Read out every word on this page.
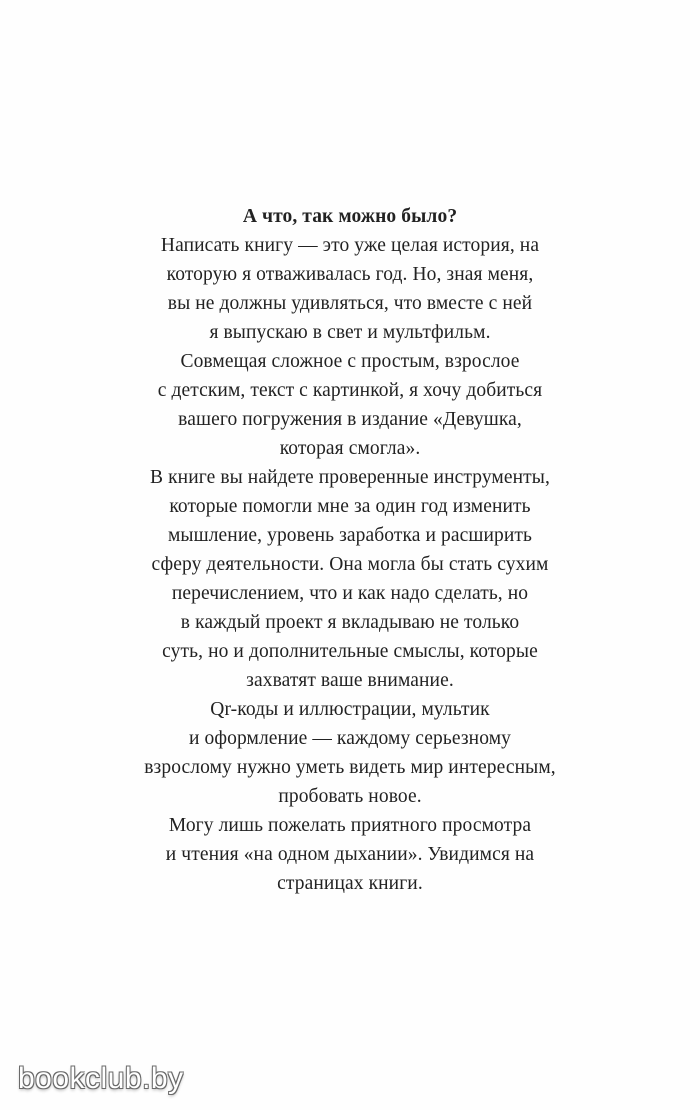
А что, так можно было?
Написать книгу — это уже целая история, на
которую я отваживалась год. Но, зная меня,
вы не должны удивляться, что вместе с ней
я выпускаю в свет и мультфильм.
Совмещая сложное с простым, взрослое
с детским, текст с картинкой, я хочу добиться
вашего погружения в издание «Девушка,
которая смогла».
В книге вы найдете проверенные инструменты,
которые помогли мне за один год изменить
мышление, уровень заработка и расширить
сферу деятельности. Она могла бы стать сухим
перечислением, что и как надо сделать, но
в каждый проект я вкладываю не только
суть, но и дополнительные смыслы, которые
захватят ваше внимание.
Qr-коды и иллюстрации, мультик
и оформление — каждому серьезному
взрослому нужно уметь видеть мир интересным,
пробовать новое.
Могу лишь пожелать приятного просмотра
и чтения «на одном дыхании». Увидимся на
страницах книги.
bookclub.by
